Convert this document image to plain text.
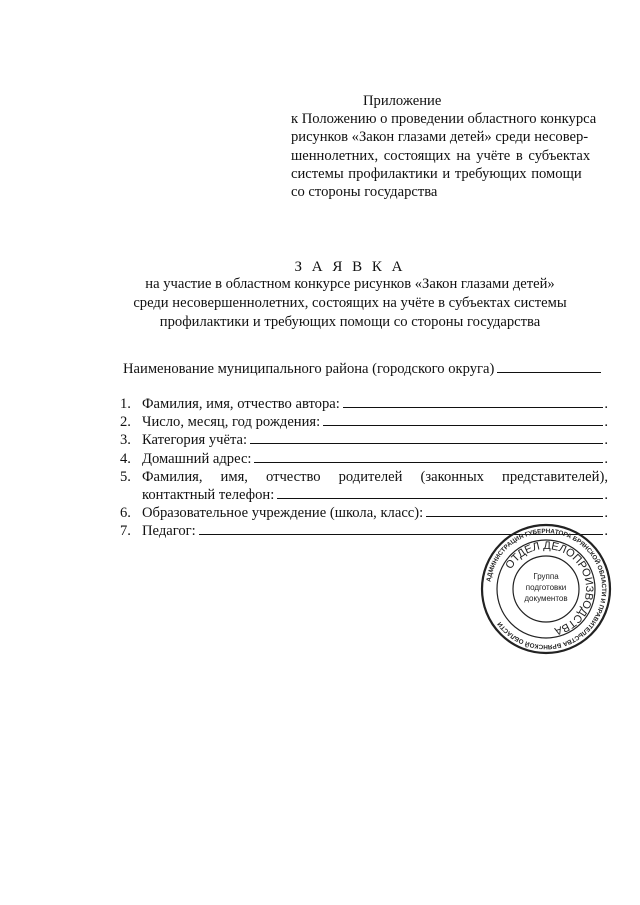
Приложение
к Положению о проведении областного конкурса
рисунков «Закон глазами детей» среди несовер-
шеннолетних, состоящих на учёте в субъектах
системы профилактики и требующих помощи
со стороны государства
З А Я В К А
на участие в областном конкурсе рисунков «Закон глазами детей»
среди несовершеннолетних, состоящих на учёте в субъектах системы
профилактики и требующих помощи со стороны государства
Наименование муниципального района (городского округа)
1. Фамилия, имя, отчество автора:	.
2. Число, месяц, год рождения:	.
3. Категория учёта:	.
4. Домашний адрес:	.
5. Фамилия, имя, отчество родителей (законных представителей),
контактный телефон:	.
6. Образовательное учреждение (школа, класс):	.
7. Педагог:	.
АДМИНИСТРАЦИЯ ГУБЕРНАТОРА БРЯНСКОЙ ОБЛАСТИ И ПРАВИТЕЛЬСТВА БРЯНСКОЙ ОБЛАСТИ
ОТДЕЛ ДЕЛОПРОИЗВОДСТВА
Группа
подготовки
документов
